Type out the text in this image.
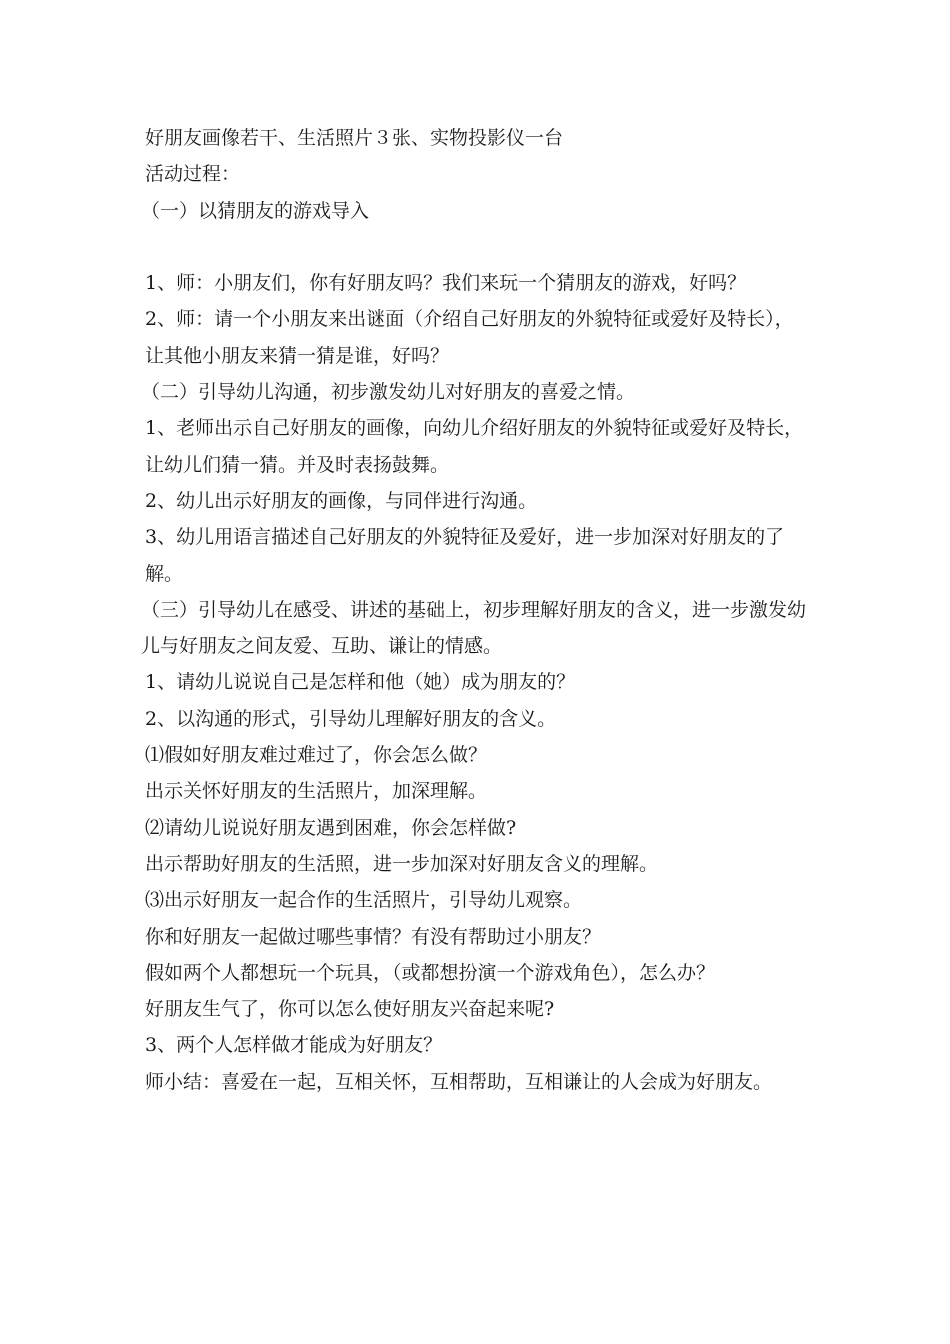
好朋友画像若干、生活照片３张、实物投影仪一台
活动过程：
（一）以猜朋友的游戏导入
1、师：小朋友们，你有好朋友吗？我们来玩一个猜朋友的游戏，好吗？
2、师：请一个小朋友来出谜面（介绍自己好朋友的外貌特征或爱好及特长），让其他小朋友来猜一猜是谁，好吗？
（二）引导幼儿沟通，初步激发幼儿对好朋友的喜爱之情。
1、老师出示自己好朋友的画像，向幼儿介绍好朋友的外貌特征或爱好及特长，让幼儿们猜一猜。并及时表扬鼓舞。
2、幼儿出示好朋友的画像，与同伴进行沟通。
3、幼儿用语言描述自己好朋友的外貌特征及爱好，进一步加深对好朋友的了解。
（三）引导幼儿在感受、讲述的基础上，初步理解好朋友的含义，进一步激发幼儿与好朋友之间友爱、互助、谦让的情感。
1、请幼儿说说自己是怎样和他（她）成为朋友的？
2、以沟通的形式，引导幼儿理解好朋友的含义。
⑴假如好朋友难过难过了，你会怎么做？
出示关怀好朋友的生活照片，加深理解。
⑵请幼儿说说好朋友遇到困难，你会怎样做?
出示帮助好朋友的生活照，进一步加深对好朋友含义的理解。
⑶出示好朋友一起合作的生活照片，引导幼儿观察。
你和好朋友一起做过哪些事情？有没有帮助过小朋友？
假如两个人都想玩一个玩具，（或都想扮演一个游戏角色），怎么办？
好朋友生气了，你可以怎么使好朋友兴奋起来呢?
3、两个人怎样做才能成为好朋友？
师小结：喜爱在一起，互相关怀，互相帮助，互相谦让的人会成为好朋友。
